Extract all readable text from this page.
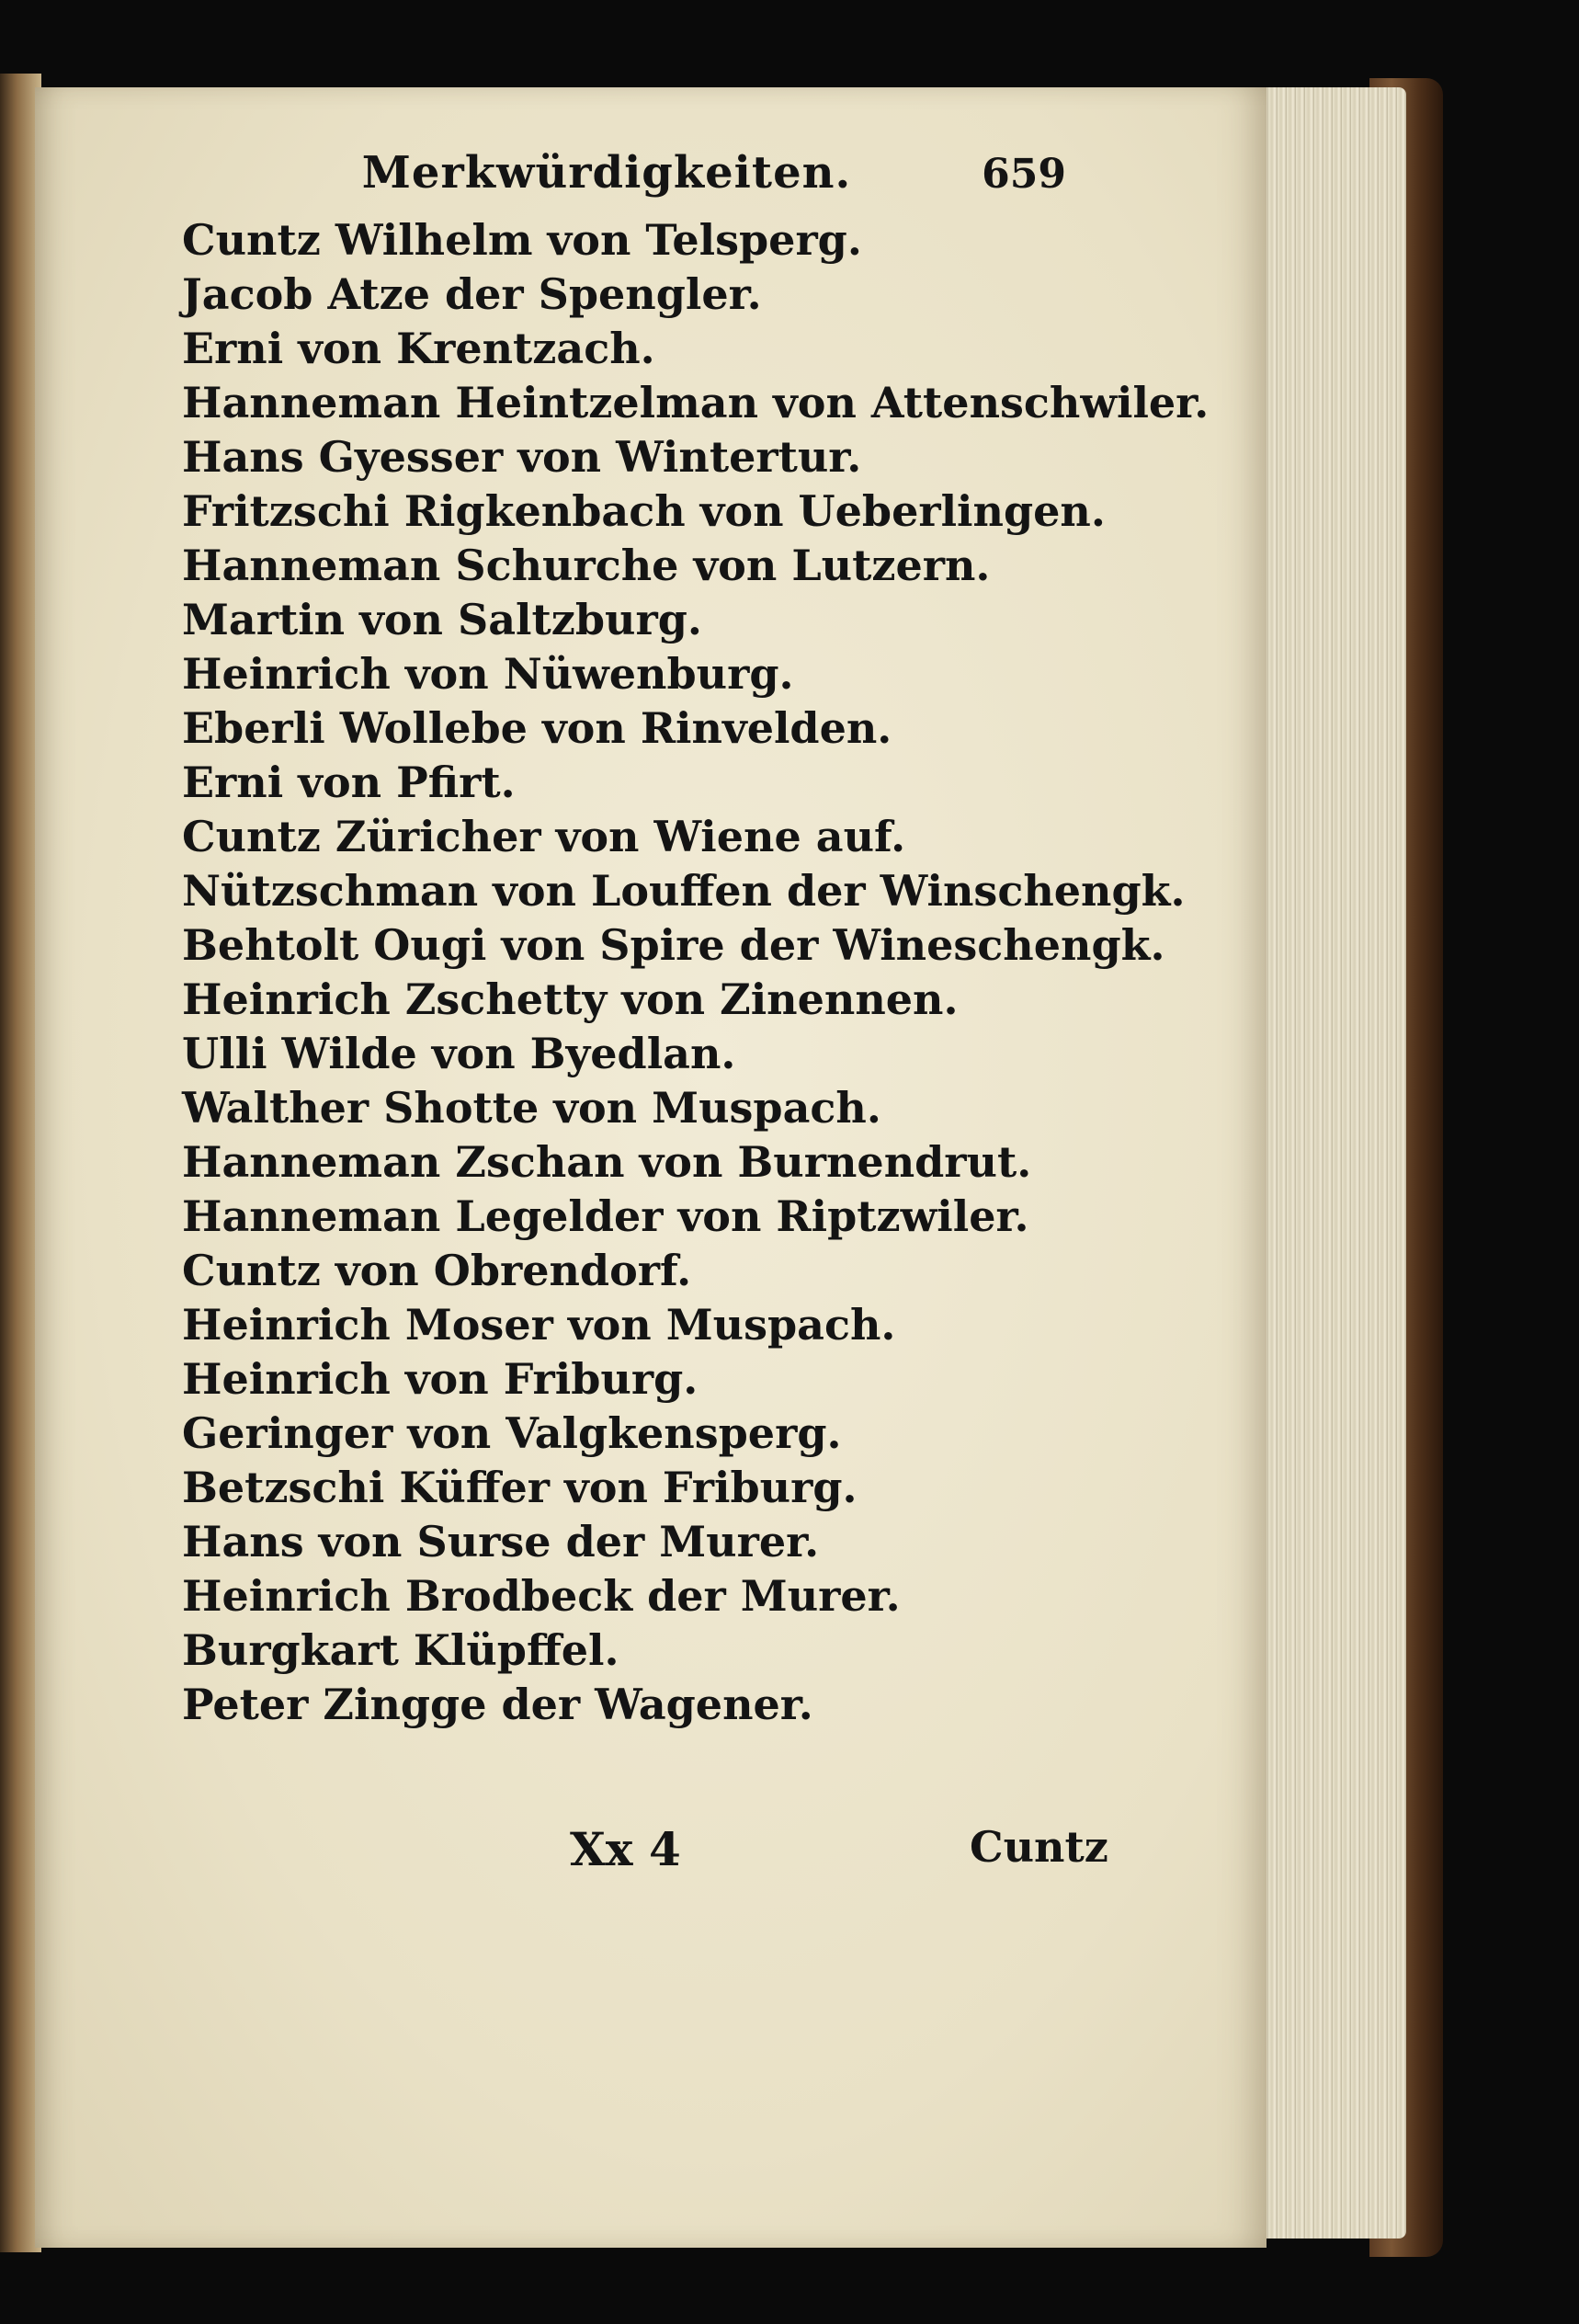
Merkwürdigkeiten.	659
Cuntz Wilhelm von Telsperg.
Jacob Atze der Spengler.
Erni von Krentzach.
Hanneman Heintzelman von Attenschwiler.
Hans Gyesser von Wintertur.
Fritzschi Rigkenbach von Ueberlingen.
Hanneman Schurche von Lutzern.
Martin von Saltzburg.
Heinrich von Nüwenburg.
Eberli Wollebe von Rinvelden.
Erni von Pfirt.
Cuntz Züricher von Wiene auf.
Nützschman von Louffen der Winschengk.
Behtolt Ougi von Spire der Wineschengk.
Heinrich Zschetty von Zinennen.
Ulli Wilde von Byedlan.
Walther Shotte von Muspach.
Hanneman Zschan von Burnendrut.
Hanneman Legelder von Riptzwiler.
Cuntz von Obrendorf.
Heinrich Moser von Muspach.
Heinrich von Friburg.
Geringer von Valgkensperg.
Betzschi Küffer von Friburg.
Hans von Surse der Murer.
Heinrich Brodbeck der Murer.
Burgkart Klüpffel.
Peter Zingge der Wagener.
Xx 4	Cuntz
